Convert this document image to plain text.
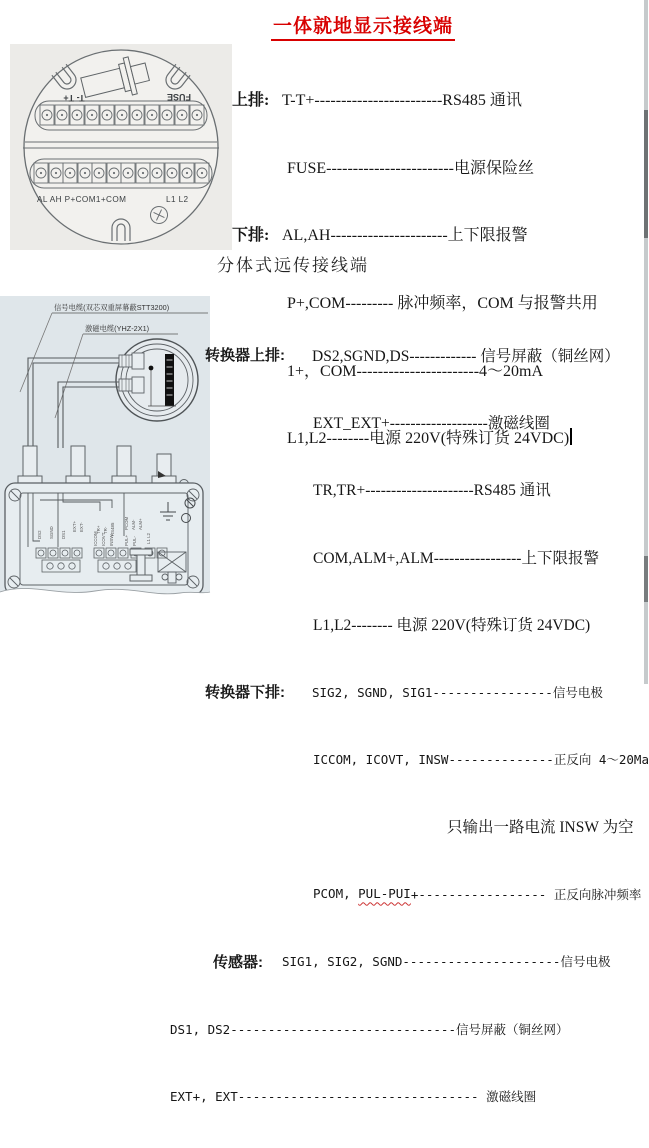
一体就地显示接线端
T- T+	FUSE
AL AH P+COM1+COM	L1 L2

上排: T-T+------------------------RS485 通讯

FUSE------------------------电源保险丝

下排: AL,AH----------------------上下限报警

P+,COM--------- 脉冲频率，COM 与报警共用

1+，COM-----------------------4～20mA

L1,L2--------电源 220V(特殊订货 24VDC)

分体式远传接线端
信号电缆(双芯双重屏幕蔽STT3200)
激磁电缆(YHZ-2X1)
DS2 SGND DS1
EXT+ EXT-	TR+ TR- RS485 PCOM ALM- ALM+
ICCOM ICOVT INSW PUL+ PUL- L1 L2

转换器上排:	DS2,SGND,DS------------- 信号屏蔽（铜丝网）

EXT_EXT+-------------------激磁线圈

TR,TR+---------------------RS485 通讯

COM,ALM+,ALM-----------------上下限报警

L1,L2-------- 电源 220V(特殊订货 24VDC)

转换器下排:	SIG2, SGND, SIG1----------------信号电极

ICCOM, ICOVT, INSW--------------正反向 4～20Ma

只输出一路电流 INSW 为空

PCOM, PUL-PUI +----------------- 正反向脉冲频率

传感器:	SIG1, SIG2, SGND---------------------信号电极

DS1, DS2------------------------------信号屏蔽（铜丝网）

EXT+, EXT-------------------------------- 激磁线圈
